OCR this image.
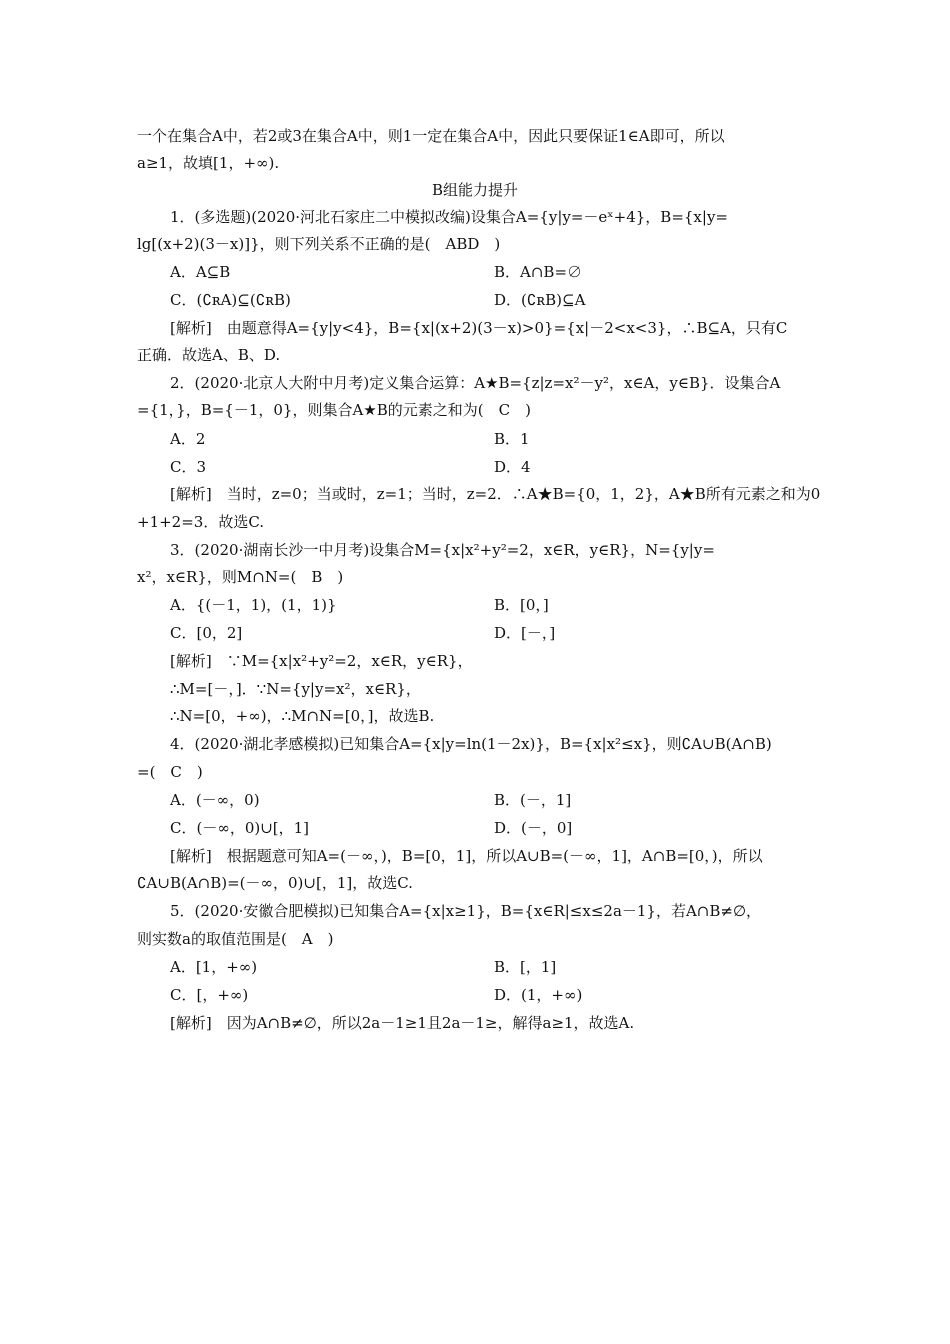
一个在集合A中，若2或3在集合A中，则1一定在集合A中，因此只要保证1∈A即可，所以
a≥1，故填[1，+∞).
B组能力提升
1．(多选题)(2020·河北石家庄二中模拟改编)设集合A={y|y=－eˣ+4}，B={x|y=
lg[(x+2)(3－x)]}，则下列关系不正确的是(　ABD　)
A．A⊆B	B．A∩B=∅
C．(∁ʀA)⊆(∁ʀB)	D．(∁ʀB)⊆A
[解析]　由题意得A={y|y<4}，B={x|(x+2)(3－x)>0}={x|－2<x<3}，∴B⊆A，只有C
正确．故选A、B、D.
2．(2020·北京人大附中月考)定义集合运算：A★B={z|z=x²－y²，x∈A，y∈B}．设集合A
={1，}，B={－1，0}，则集合A★B的元素之和为(　C　)
A．2	B．1
C．3	D．4
[解析]　当时，z=0；当或时，z=1；当时，z=2．∴A★B={0，1，2}，A★B所有元素之和为0
+1+2=3．故选C.
3．(2020·湖南长沙一中月考)设集合M={x|x²+y²=2，x∈R，y∈R}，N={y|y=
x²，x∈R}，则M∩N=(　B　)
A．{(－1，1)，(1，1)}	B．[0，]
C．[0，2]	D．[－，]
[解析]　∵M={x|x²+y²=2，x∈R，y∈R}，
∴M=[－，]．∵N={y|y=x²，x∈R}，
∴N=[0，+∞)，∴M∩N=[0，]，故选B.
4．(2020·湖北孝感模拟)已知集合A={x|y=ln(1－2x)}，B={x|x²≤x}，则∁A∪B(A∩B)
=(　C　)
A．(－∞，0)	B．(－，1]
C．(－∞，0)∪[，1]	D．(－，0]
[解析]　根据题意可知A=(－∞，)，B=[0，1]，所以A∪B=(－∞，1]，A∩B=[0，)，所以
∁A∪B(A∩B)=(－∞，0)∪[，1]，故选C.
5．(2020·安徽合肥模拟)已知集合A={x|x≥1}，B={x∈R|≤x≤2a－1}，若A∩B≠∅，
则实数a的取值范围是(　A　)
A．[1，+∞)	B．[，1]
C．[，+∞)	D．(1，+∞)
[解析]　因为A∩B≠∅，所以2a－1≥1且2a－1≥，解得a≥1，故选A.
